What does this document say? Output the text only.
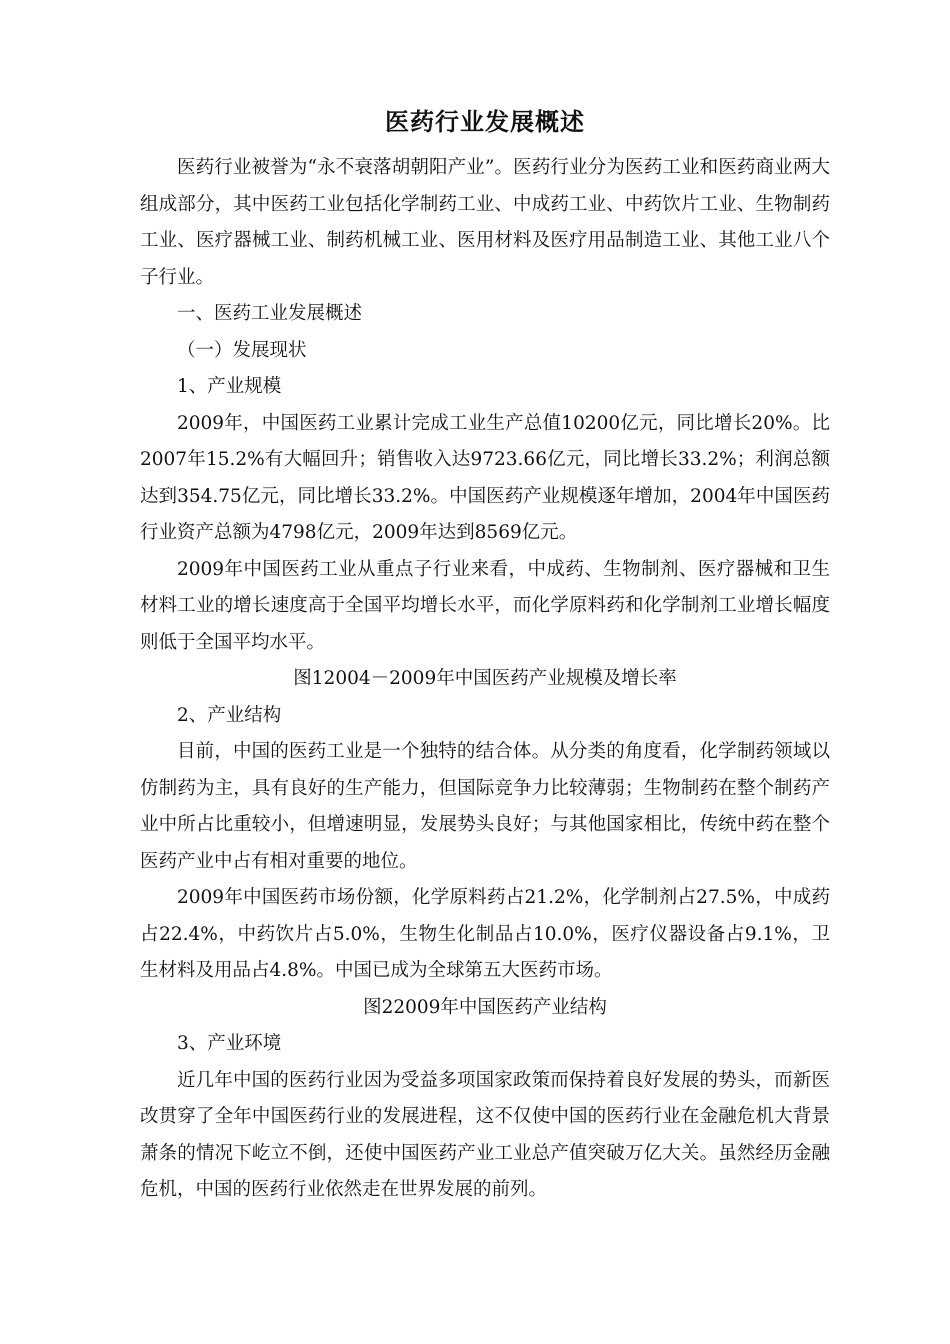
医药行业发展概述

医药行业被誉为“永不衰落胡朝阳产业”。医药行业分为医药工业和医药商业两大组成部分，其中医药工业包括化学制药工业、中成药工业、中药饮片工业、生物制药工业、医疗器械工业、制药机械工业、医用材料及医疗用品制造工业、其他工业八个子行业。

一、医药工业发展概述

（一）发展现状

1、产业规模

2009年，中国医药工业累计完成工业生产总值10200亿元，同比增长20%。比2007年15.2%有大幅回升；销售收入达9723.66亿元，同比增长33.2%；利润总额达到354.75亿元，同比增长33.2%。中国医药产业规模逐年增加，2004年中国医药行业资产总额为4798亿元，2009年达到8569亿元。

2009年中国医药工业从重点子行业来看，中成药、生物制剂、医疗器械和卫生材料工业的增长速度高于全国平均增长水平，而化学原料药和化学制剂工业增长幅度则低于全国平均水平。

图12004－2009年中国医药产业规模及增长率

2、产业结构

目前，中国的医药工业是一个独特的结合体。从分类的角度看，化学制药领域以仿制药为主，具有良好的生产能力，但国际竞争力比较薄弱；生物制药在整个制药产业中所占比重较小，但增速明显，发展势头良好；与其他国家相比，传统中药在整个医药产业中占有相对重要的地位。

2009年中国医药市场份额，化学原料药占21.2%，化学制剂占27.5%，中成药占22.4%，中药饮片占5.0%，生物生化制品占10.0%，医疗仪器设备占9.1%，卫生材料及用品占4.8%。中国已成为全球第五大医药市场。

图22009年中国医药产业结构

3、产业环境

近几年中国的医药行业因为受益多项国家政策而保持着良好发展的势头，而新医改贯穿了全年中国医药行业的发展进程，这不仅使中国的医药行业在金融危机大背景萧条的情况下屹立不倒，还使中国医药产业工业总产值突破万亿大关。虽然经历金融危机，中国的医药行业依然走在世界发展的前列。
